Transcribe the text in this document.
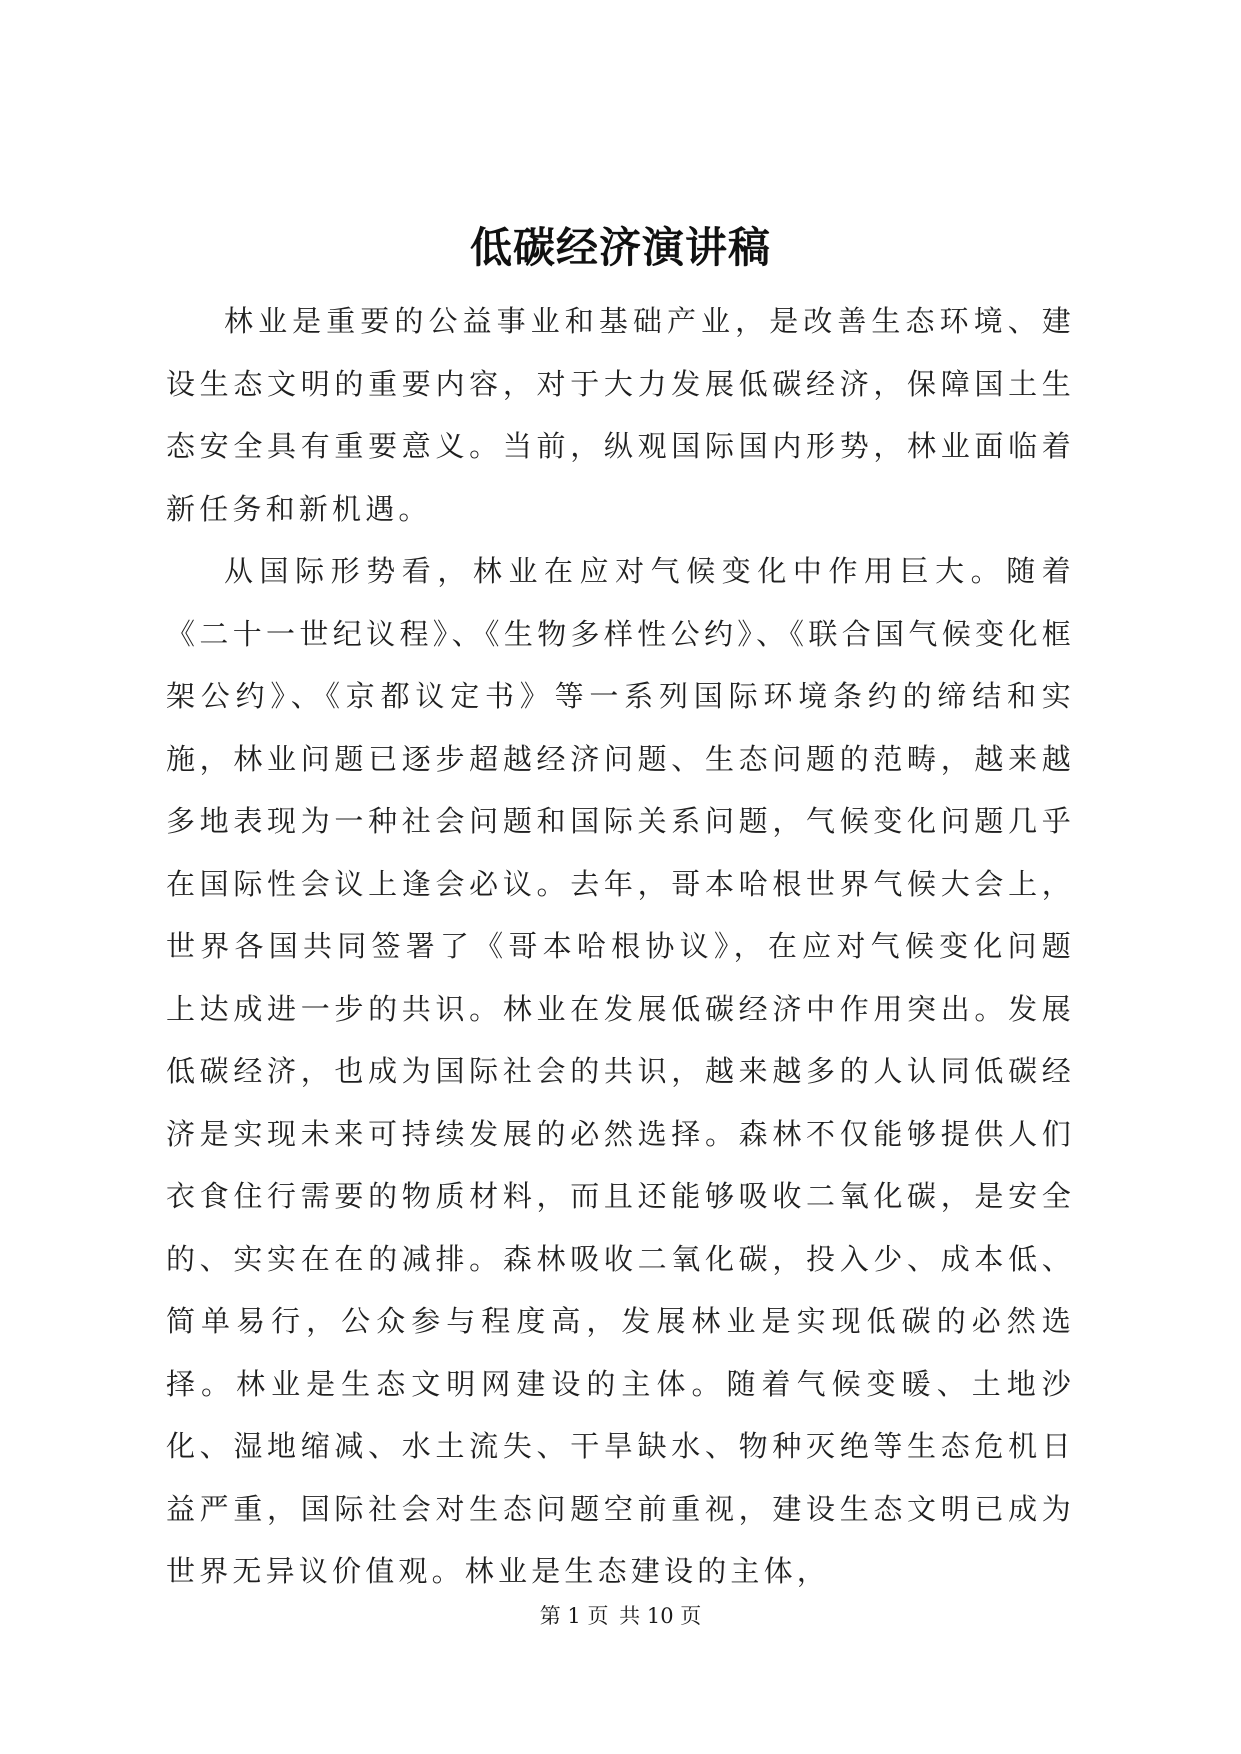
低碳经济演讲稿

林业是重要的公益事业和基础产业，是改善生态环境、建设生态文明的重要内容，对于大力发展低碳经济，保障国土生态安全具有重要意义。当前，纵观国际国内形势，林业面临着新任务和新机遇。

从国际形势看，林业在应对气候变化中作用巨大。随着《二十一世纪议程》、《生物多样性公约》、《联合国气候变化框架公约》、《京都议定书》等一系列国际环境条约的缔结和实施，林业问题已逐步超越经济问题、生态问题的范畴，越来越多地表现为一种社会问题和国际关系问题，气候变化问题几乎在国际性会议上逢会必议。去年，哥本哈根世界气候大会上，世界各国共同签署了《哥本哈根协议》，在应对气候变化问题上达成进一步的共识。林业在发展低碳经济中作用突出。发展低碳经济，也成为国际社会的共识，越来越多的人认同低碳经济是实现未来可持续发展的必然选择。森林不仅能够提供人们衣食住行需要的物质材料，而且还能够吸收二氧化碳，是安全的、实实在在的减排。森林吸收二氧化碳，投入少、成本低、简单易行，公众参与程度高，发展林业是实现低碳的必然选择。林业是生态文明网建设的主体。随着气候变暖、土地沙化、湿地缩减、水土流失、干旱缺水、物种灭绝等生态危机日益严重，国际社会对生态问题空前重视，建设生态文明已成为世界无异议价值观。林业是生态建设的主体，

第 1 页 共 10 页
